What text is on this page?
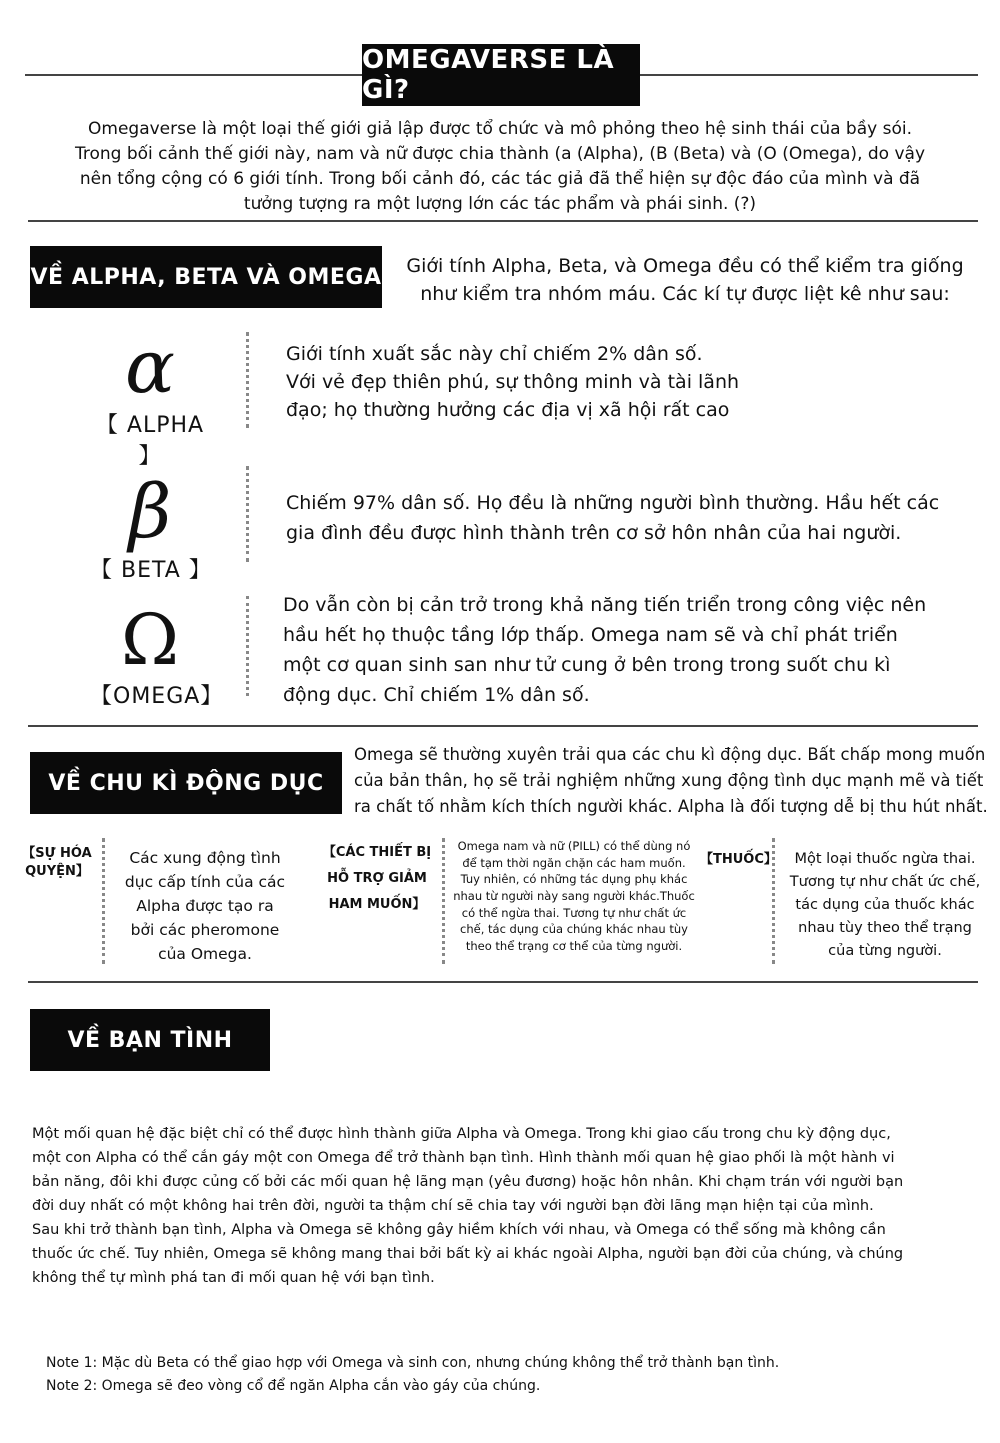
OMEGAVERSE LÀ GÌ?
Omegaverse là một loại thế giới giả lập được tổ chức và mô phỏng theo hệ sinh thái của bầy sói.
Trong bối cảnh thế giới này, nam và nữ được chia thành (a (Alpha), (B (Beta) và (O (Omega), do vậy
nên tổng cộng có 6 giới tính. Trong bối cảnh đó, các tác giả đã thể hiện sự độc đáo của mình và đã
tưởng tượng ra một lượng lớn các tác phẩm và phái sinh. (?)
VỀ ALPHA, BETA VÀ OMEGA	Giới tính Alpha, Beta, và Omega đều có thể kiểm tra giống
như kiểm tra nhóm máu. Các kí tự được liệt kê như sau:
α
【 ALPHA 】
Giới tính xuất sắc này chỉ chiếm 2% dân số.
Với vẻ đẹp thiên phú, sự thông minh và tài lãnh
đạo; họ thường hưởng các địa vị xã hội rất cao
β
【 BETA 】
Chiếm 97% dân số. Họ đều là những người bình thường. Hầu hết các
gia đình đều được hình thành trên cơ sở hôn nhân của hai người.
Ω
【OMEGA】
Do vẫn còn bị cản trở trong khả năng tiến triển trong công việc nên
hầu hết họ thuộc tầng lớp thấp. Omega nam sẽ và chỉ phát triển
một cơ quan sinh san như tử cung ở bên trong trong suốt chu kì
động dục. Chỉ chiếm 1% dân số.
VỀ CHU KÌ ĐỘNG DỤC
Omega sẽ thường xuyên trải qua các chu kì động dục. Bất chấp mong muốn
của bản thân, họ sẽ trải nghiệm những xung động tình dục mạnh mẽ và tiết
ra chất tố nhằm kích thích người khác. Alpha là đối tượng dễ bị thu hút nhất.
【SỰ HÓA
QUYỆN】
Các xung động tình
dục cấp tính của các
Alpha được tạo ra
bởi các pheromone
của Omega.
【CÁC THIẾT BỊ
HỖ TRỢ GIẢM
HAM MUỐN】
Omega nam và nữ (PILL) có thể dùng nó
để tạm thời ngăn chặn các ham muốn.
Tuy nhiên, có những tác dụng phụ khác
nhau từ người này sang người khác.Thuốc
có thể ngừa thai. Tương tự như chất ức
chế, tác dụng của chúng khác nhau tùy
theo thể trạng cơ thể của từng người.
【THUỐC】	Một loại thuốc ngừa thai.
Tương tự như chất ức chế,
tác dụng của thuốc khác
nhau tùy theo thể trạng
của từng người.
VỀ BẠN TÌNH
Một mối quan hệ đặc biệt chỉ có thể được hình thành giữa Alpha và Omega. Trong khi giao cấu trong chu kỳ động dục,
một con Alpha có thể cắn gáy một con Omega để trở thành bạn tình. Hình thành mối quan hệ giao phối là một hành vi
bản năng, đôi khi được củng cố bởi các mối quan hệ lãng mạn (yêu đương) hoặc hôn nhân. Khi chạm trán với người bạn
đời duy nhất có một không hai trên đời, người ta thậm chí sẽ chia tay với người bạn đời lãng mạn hiện tại của mình.
Sau khi trở thành bạn tình, Alpha và Omega sẽ không gây hiềm khích với nhau, và Omega có thể sống mà không cần
thuốc ức chế. Tuy nhiên, Omega sẽ không mang thai bởi bất kỳ ai khác ngoài Alpha, người bạn đời của chúng, và chúng
không thể tự mình phá tan đi mối quan hệ với bạn tình.
Note 1: Mặc dù Beta có thể giao hợp với Omega và sinh con, nhưng chúng không thể trở thành bạn tình.
Note 2: Omega sẽ đeo vòng cổ để ngăn Alpha cắn vào gáy của chúng.
